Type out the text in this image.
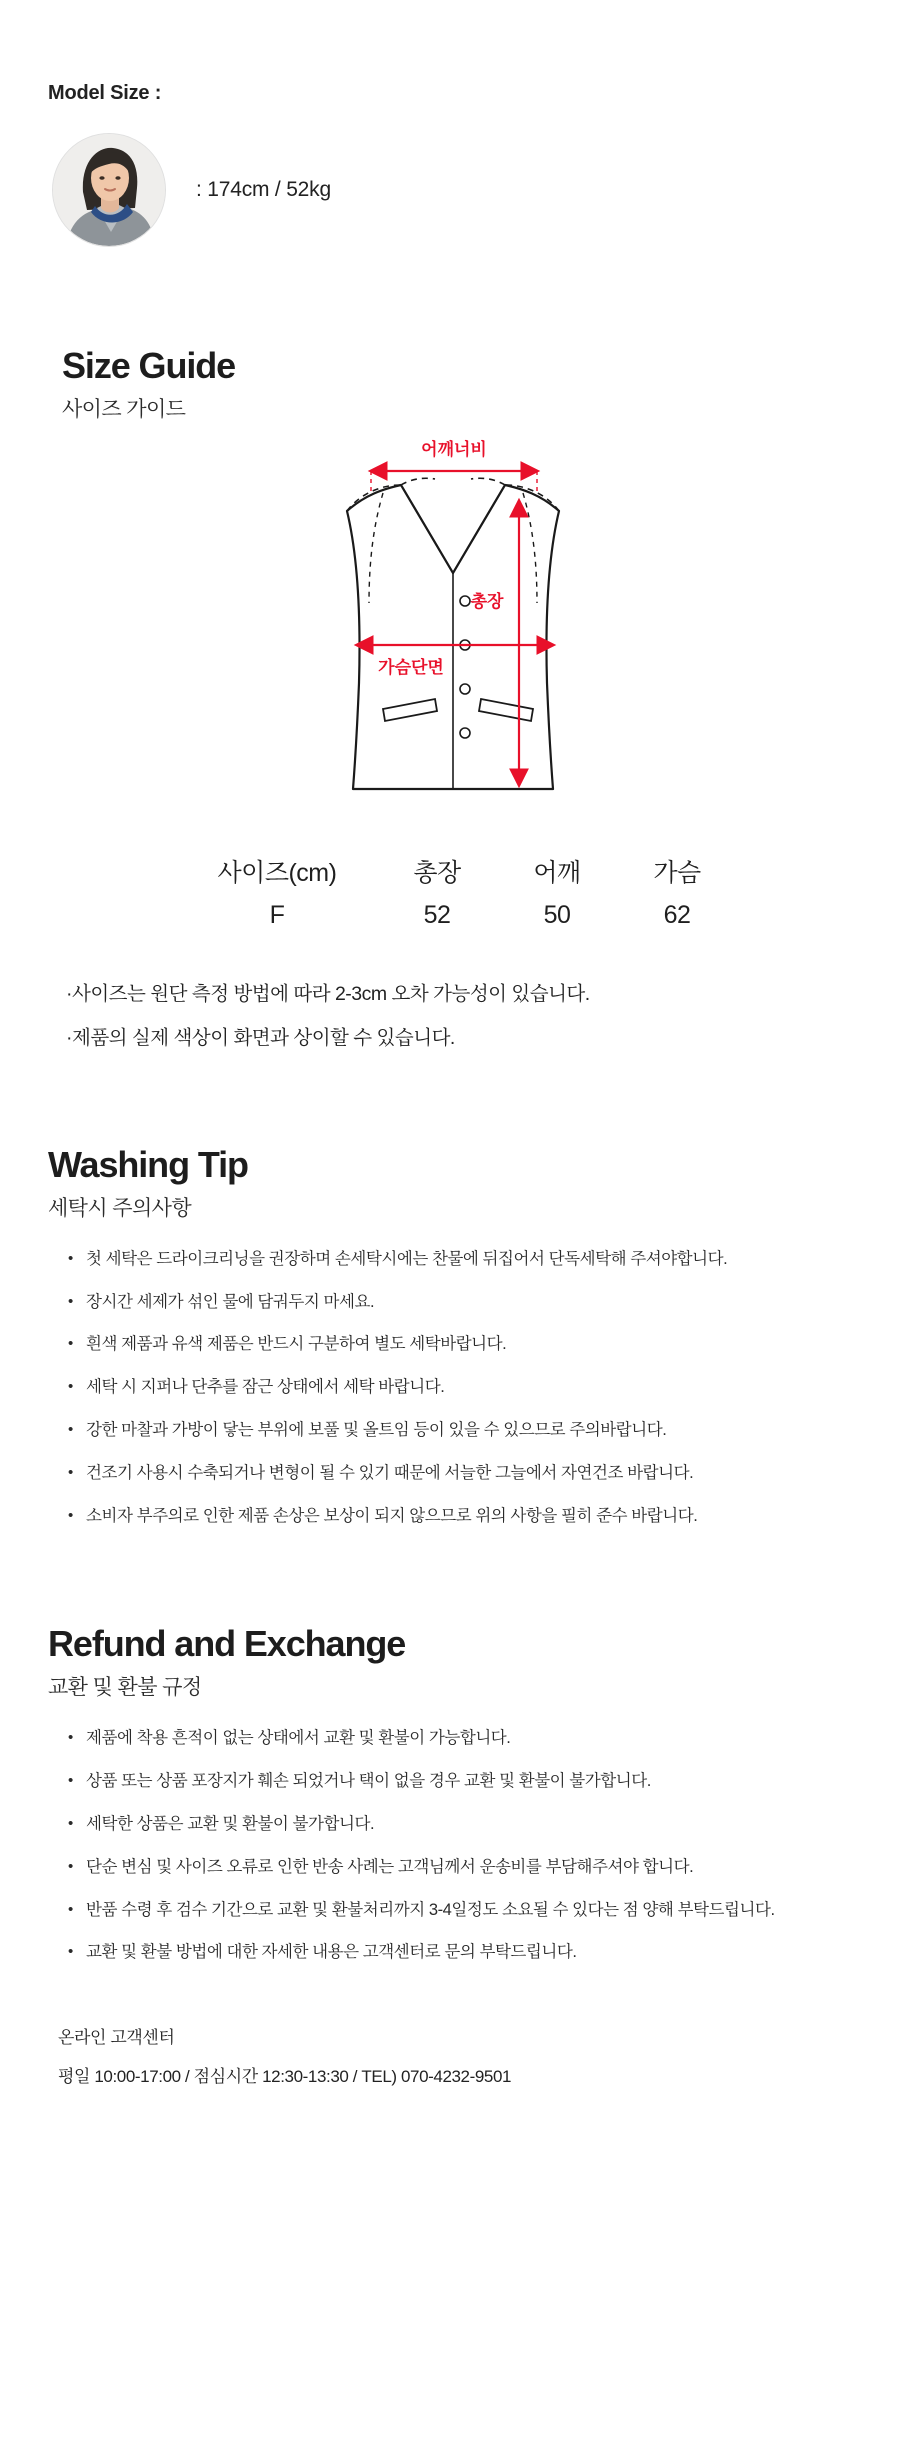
Model Size :
: 174cm / 52kg
Size Guide
사이즈 가이드
어깨너비
총장
가슴단면
사이즈(cm)	총장	어깨	가슴
F	52	50	62
·사이즈는 원단 측정 방법에 따라 2-3cm 오차 가능성이 있습니다.
·제품의 실제 색상이 화면과 상이할 수 있습니다.
Washing Tip
세탁시 주의사항
• 첫 세탁은 드라이크리닝을 권장하며 손세탁시에는 찬물에 뒤집어서 단독세탁해 주셔야합니다.
• 장시간 세제가 섞인 물에 담궈두지 마세요.
• 흰색 제품과 유색 제품은 반드시 구분하여 별도 세탁바랍니다.
• 세탁 시 지퍼나 단추를 잠근 상태에서 세탁 바랍니다.
• 강한 마찰과 가방이 닿는 부위에 보풀 및 올트임 등이 있을 수 있으므로 주의바랍니다.
• 건조기 사용시 수축되거나 변형이 될 수 있기 때문에 서늘한 그늘에서 자연건조 바랍니다.
• 소비자 부주의로 인한 제품 손상은 보상이 되지 않으므로 위의 사항을 필히 준수 바랍니다.
Refund and Exchange
교환 및 환불 규정
• 제품에 착용 흔적이 없는 상태에서 교환 및 환불이 가능합니다.
• 상품 또는 상품 포장지가 훼손 되었거나 택이 없을 경우 교환 및 환불이 불가합니다.
• 세탁한 상품은 교환 및 환불이 불가합니다.
• 단순 변심 및 사이즈 오류로 인한 반송 사례는 고객님께서 운송비를 부담해주셔야 합니다.
• 반품 수령 후 검수 기간으로 교환 및 환불처리까지 3-4일정도 소요될 수 있다는 점 양해 부탁드립니다.
• 교환 및 환불 방법에 대한 자세한 내용은 고객센터로 문의 부탁드립니다.
온라인 고객센터
평일 10:00-17:00 / 점심시간 12:30-13:30 / TEL) 070-4232-9501
